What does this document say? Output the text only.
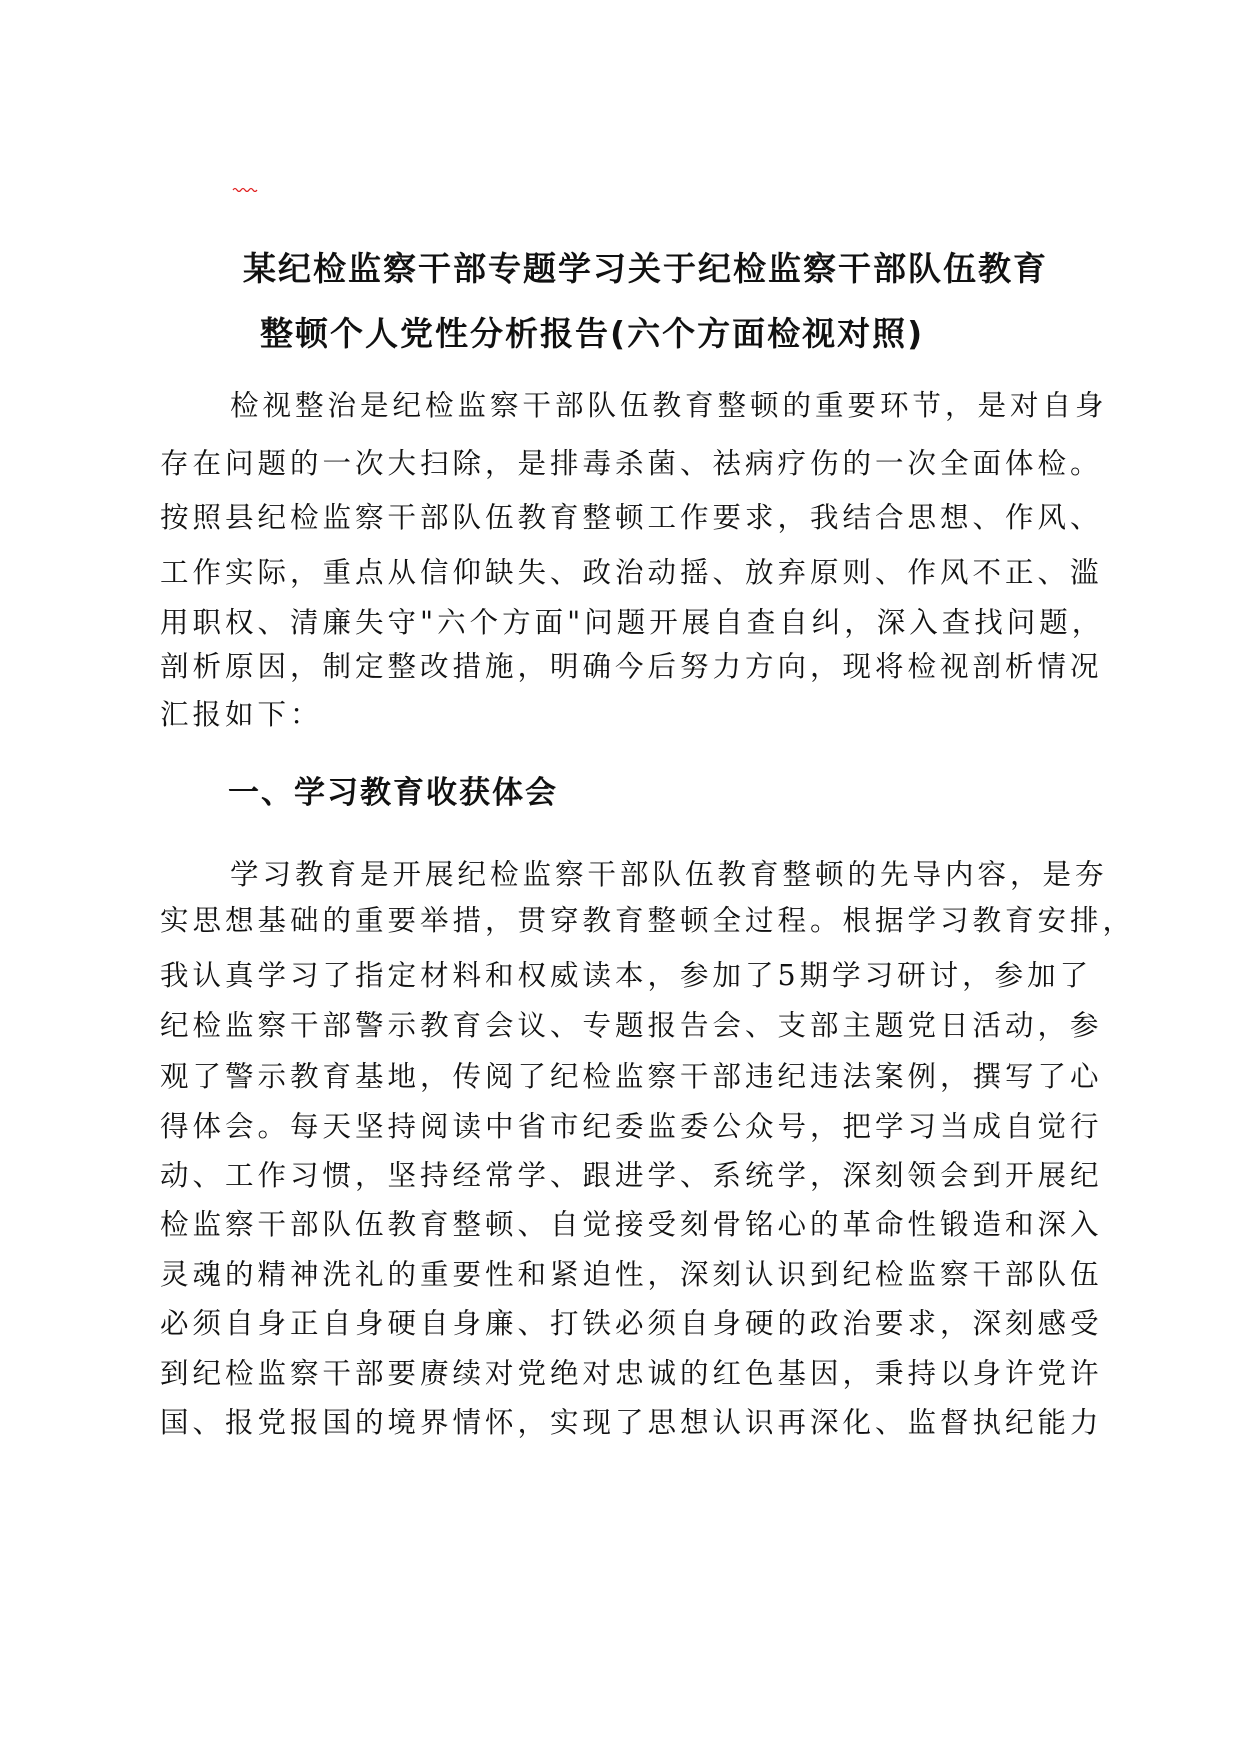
某纪检监察干部专题学习关于纪检监察干部队伍教育
整顿个人党性分析报告(六个方面检视对照)
检视整治是纪检监察干部队伍教育整顿的重要环节，是对自身
存在问题的一次大扫除，是排毒杀菌、祛病疗伤的一次全面体检。
按照县纪检监察干部队伍教育整顿工作要求，我结合思想、作风、
工作实际，重点从信仰缺失、政治动摇、放弃原则、作风不正、滥
用职权、清廉失守"六个方面"问题开展自查自纠，深入查找问题，
剖析原因，制定整改措施，明确今后努力方向，现将检视剖析情况
汇报如下：
一、学习教育收获体会
学习教育是开展纪检监察干部队伍教育整顿的先导内容，是夯
实思想基础的重要举措，贯穿教育整顿全过程。根据学习教育安排，
我认真学习了指定材料和权威读本，参加了5期学习研讨，参加了
纪检监察干部警示教育会议、专题报告会、支部主题党日活动，参
观了警示教育基地，传阅了纪检监察干部违纪违法案例，撰写了心
得体会。每天坚持阅读中省市纪委监委公众号，把学习当成自觉行
动、工作习惯，坚持经常学、跟进学、系统学，深刻领会到开展纪
检监察干部队伍教育整顿、自觉接受刻骨铭心的革命性锻造和深入
灵魂的精神洗礼的重要性和紧迫性，深刻认识到纪检监察干部队伍
必须自身正自身硬自身廉、打铁必须自身硬的政治要求，深刻感受
到纪检监察干部要赓续对党绝对忠诚的红色基因，秉持以身许党许
国、报党报国的境界情怀，实现了思想认识再深化、监督执纪能力
